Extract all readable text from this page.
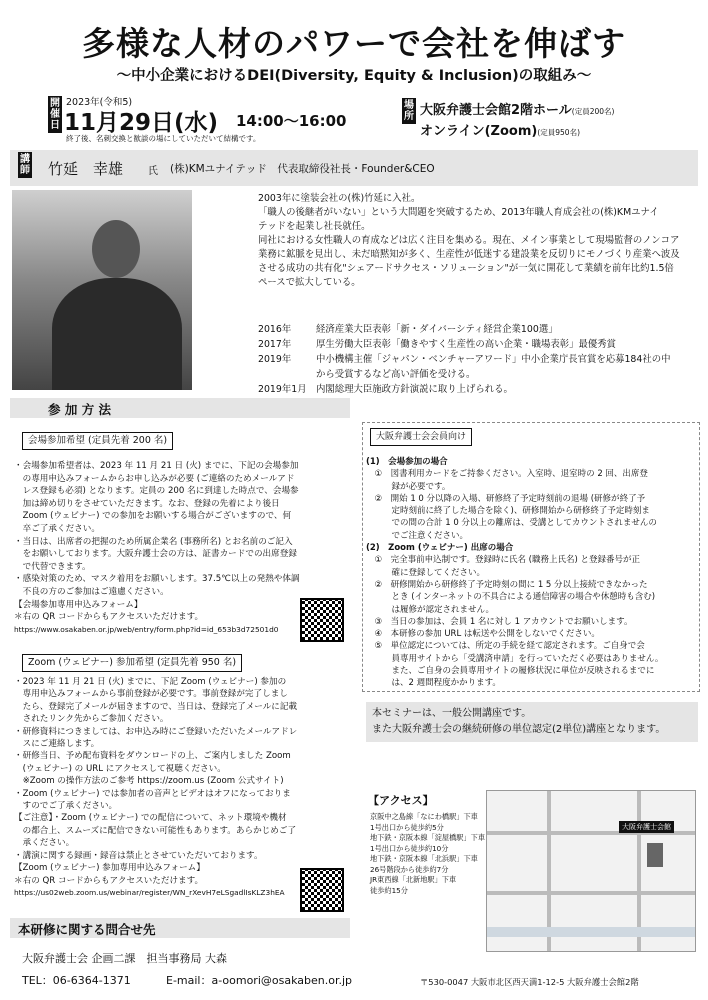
多様な人材のパワーで会社を伸ばす
〜中小企業におけるDEI(Diversity, Equity & Inclusion)の取組み〜
開催日
2023年(令和5)
11月29日(水) 14:00〜16:00
終了後、名刺交換と歓談の場にしていただいて結構です。
場所 大阪弁護士会館2階ホール(定員200名)
オンライン(Zoom)(定員950名)
講師 竹延　幸雄 氏 (株)KMユナイテッド　代表取締役社長・Founder&CEO
2003年に塗装会社の(株)竹延に入社。
「職人の後継者がいない」という大問題を突破するため、2013年職人育成会社の(株)KMユナイ
テッドを起業し社長就任。
同社における女性職人の育成などは広く注目を集める。現在、メイン事業として現場監督のノンコア
業務に鉱脈を見出し、未だ暗黙知が多く、生産性が低迷する建設業を反切りにモノづくり産業へ波及
させる成功の共有化"シェアードサクセス・ソリューション"が一気に開花して業績を前年比約1.5倍
ペースで拡大している。
2016年	経済産業大臣表彰「新・ダイバーシティ経営企業100選」
2017年	厚生労働大臣表彰「働きやすく生産性の高い企業・職場表彰」最優秀賞
2019年	中小機構主催「ジャパン・ベンチャーアワード」中小企業庁長官賞を応募184社の中
から受賞するなど高い評価を受ける。
2019年1月 内閣総理大臣施政方針演説に取り上げられる。
参 加 方 法
会場参加希望 (定員先着 200 名)
・会場参加希望者は、2023 年 11 月 21 日 (火) までに、下記の会場参加
　の専用申込みフォームからお申し込みが必要 (ご連絡のためメールアド
　レス登録も必須) となります。定員の 200 名に到達した時点で、会場参
　加は締め切りをさせていただきます。なお、登録の先着により後日
　Zoom (ウェビナー) での参加をお願いする場合がございますので、何
　卒ご了承ください。
・当日は、出席者の把握のため所属企業名 (事務所名) とお名前のご記入
　をお願いしております。大阪弁護士会の方は、証書カードでの出席登録
　で代替できます。
・感染対策のため、マスク着用をお願いします。37.5℃以上の発熱や体調
　不良の方のご参加はご遠慮ください。
【会場参加専用申込みフォーム】
＊右の QR コードからもアクセスいただけます。
https://www.osakaben.or.jp/web/entry/form.php?id=id_653b3d72501d0
Zoom (ウェビナー) 参加希望 (定員先着 950 名)
・2023 年 11 月 21 日 (火) までに、下記 Zoom (ウェビナー) 参加の
　専用申込みフォームから事前登録が必要です。事前登録が完了しまし
　たら、登録完了メールが届きますので、当日は、登録完了メールに記載
　されたリンク先からご参加ください。
・研修資料につきましては、お申込み時にご登録いただいたメールアドレ
　スにご連絡します。
・研修当日、予め配布資料をダウンロードの上、ご案内しました Zoom
　(ウェビナー) の URL にアクセスして視聴ください。
　※Zoom の操作方法のご参考 https://zoom.us (Zoom 公式サイト)
・Zoom (ウェビナー) では参加者の音声とビデオはオフになっておりま
　すのでご了承ください。
【ご注意】・Zoom (ウェビナー) での配信について、ネット環境や機材
　の都合上、スムーズに配信できない可能性もあります。あらかじめご了
　承ください。
・講演に関する録画・録音は禁止とさせていただいております。
【Zoom (ウェビナー) 参加専用申込みフォーム】
＊右の QR コードからもアクセスいただけます。
https://us02web.zoom.us/webinar/register/WN_rXevH7eLSgadlIsKLZ3hEA
大阪弁護士会会員向け
(1)　会場参加の場合
　①　図書利用カードをご持参ください。入室時、退室時の 2 回、出席登
　　　録が必要です。
　②　開始 1 0 分以降の入場、研修終了予定時刻前の退場 (研修が終了予
　　　定時刻前に終了した場合を除く)、研修開始から研修終了予定時刻ま
　　　での間の合計 1 0 分以上の離席は、受講としてカウントされませんの
　　　でご注意ください。
(2)　Zoom (ウェビナー) 出席の場合
　①　完全事前申込制です。登録時に氏名 (職務上氏名) と登録番号が正
　　　確に登録してください。
　②　研修開始から研修終了予定時刻の間に 1 5 分以上接続できなかった
　　　とき (インターネットの不具合による通信障害の場合や休憩時も含む)
　　　は履修が認定されません。
　③　当日の参加は、会員 1 名に対し 1 アカウントでお願いします。
　④　本研修の参加 URL は転送や公開をしないでください。
　⑤　単位認定については、所定の手続を経て認定されます。ご自身で会
　　　員専用サイトから「受講済申請」を行っていただく必要はありません。
　　　また、ご自身の会員専用サイトの履修状況に単位が反映されるまでに
　　　は、2 週間程度かかります。
本セミナーは、一般公開講座です。
また大阪弁護士会の継続研修の単位認定(2単位)講座となります。
【アクセス】
京阪中之島線「なにわ橋駅」下車
1号出口から徒歩約5分
地下鉄・京阪本線「淀屋橋駅」下車
1号出口から徒歩約10分
地下鉄・京阪本線「北浜駅」下車
26号階段から徒歩約7分
JR東西線「北新地駅」下車
徒歩約15分
大阪弁護士会館
本研修に関する問合せ先
大阪弁護士会 企画二課　担当事務局 大森
TEL：06-6364-1371	E-mail：a-oomori@osakaben.or.jp	〒530-0047 大阪市北区西天満1-12-5 大阪弁護士会館2階
